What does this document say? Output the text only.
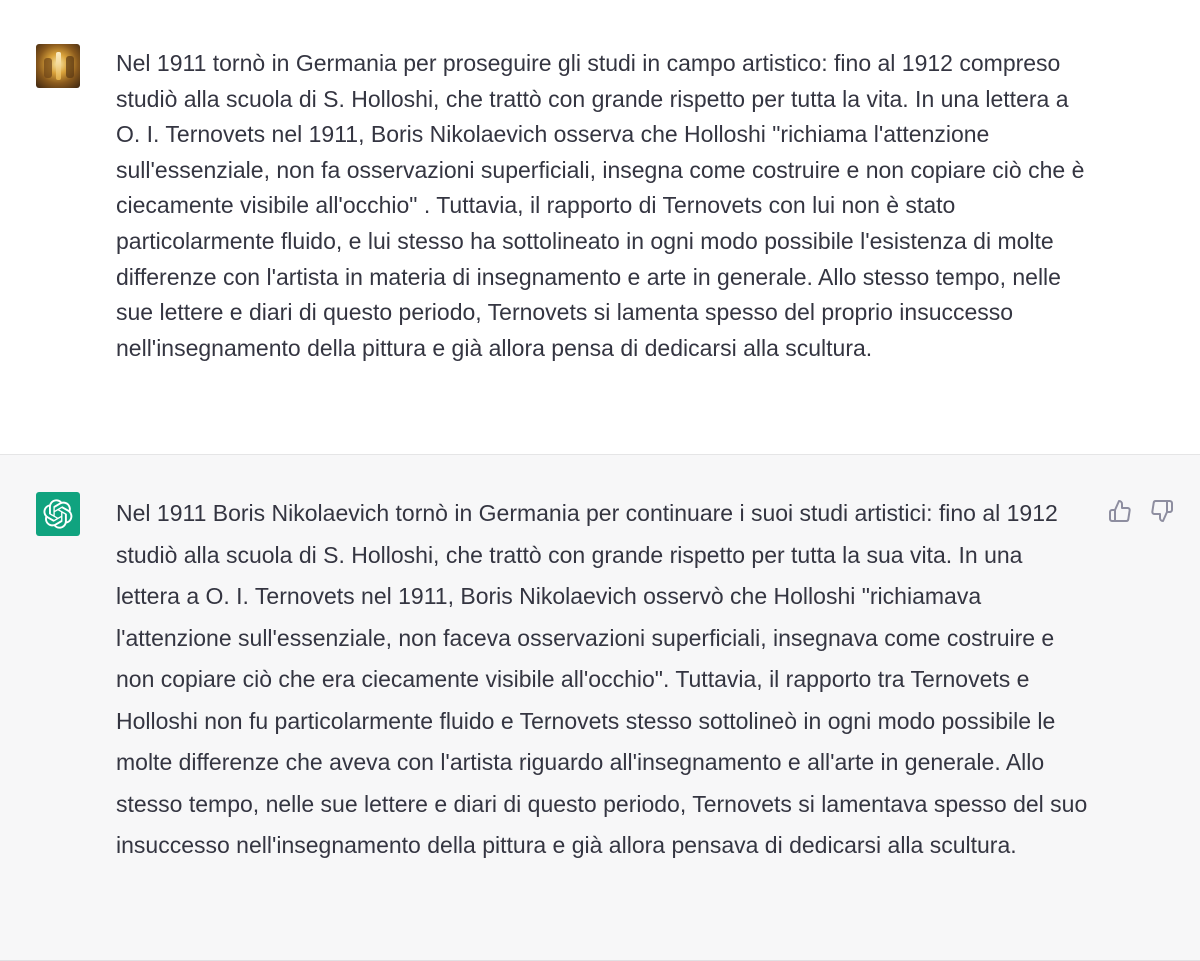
Nel 1911 tornò in Germania per proseguire gli studi in campo artistico: fino al 1912 compreso studiò alla scuola di S. Holloshi, che trattò con grande rispetto per tutta la vita. In una lettera a O. I. Ternovets nel 1911, Boris Nikolaevich osserva che Holloshi "richiama l'attenzione sull'essenziale, non fa osservazioni superficiali, insegna come costruire e non copiare ciò che è ciecamente visibile all'occhio" . Tuttavia, il rapporto di Ternovets con lui non è stato particolarmente fluido, e lui stesso ha sottolineato in ogni modo possibile l'esistenza di molte differenze con l'artista in materia di insegnamento e arte in generale. Allo stesso tempo, nelle sue lettere e diari di questo periodo, Ternovets si lamenta spesso del proprio insuccesso nell'insegnamento della pittura e già allora pensa di dedicarsi alla scultura.

Nel 1911 Boris Nikolaevich tornò in Germania per continuare i suoi studi artistici: fino al 1912 studiò alla scuola di S. Holloshi, che trattò con grande rispetto per tutta la sua vita. In una lettera a O. I. Ternovets nel 1911, Boris Nikolaevich osservò che Holloshi "richiamava l'attenzione sull'essenziale, non faceva osservazioni superficiali, insegnava come costruire e non copiare ciò che era ciecamente visibile all'occhio". Tuttavia, il rapporto tra Ternovets e Holloshi non fu particolarmente fluido e Ternovets stesso sottolineò in ogni modo possibile le molte differenze che aveva con l'artista riguardo all'insegnamento e all'arte in generale. Allo stesso tempo, nelle sue lettere e diari di questo periodo, Ternovets si lamentava spesso del suo insuccesso nell'insegnamento della pittura e già allora pensava di dedicarsi alla scultura.
